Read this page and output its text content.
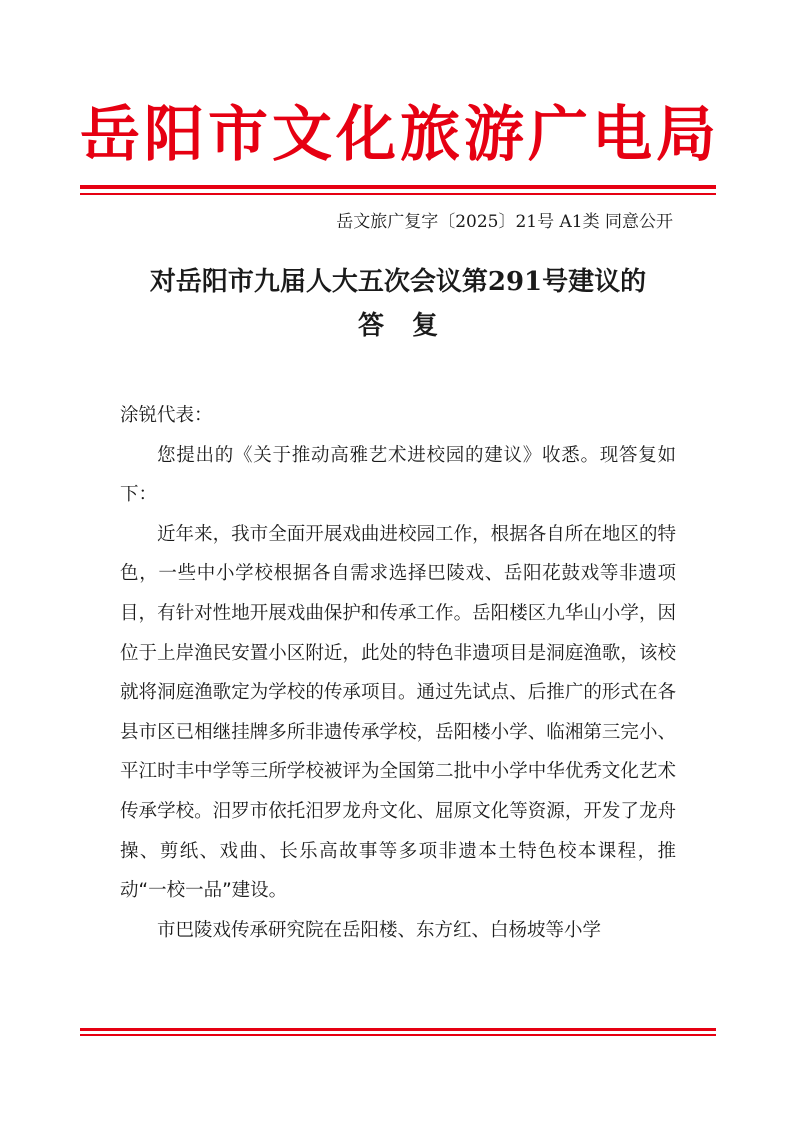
岳阳市文化旅游广电局
岳文旅广复字〔2025〕21号 A1类 同意公开
对岳阳市九届人大五次会议第291号建议的
答复

涂锐代表：

您提出的《关于推动高雅艺术进校园的建议》收悉。现答复如下：

近年来，我市全面开展戏曲进校园工作，根据各自所在地区的特色，一些中小学校根据各自需求选择巴陵戏、岳阳花鼓戏等非遗项目，有针对性地开展戏曲保护和传承工作。岳阳楼区九华山小学，因位于上岸渔民安置小区附近，此处的特色非遗项目是洞庭渔歌，该校就将洞庭渔歌定为学校的传承项目。通过先试点、后推广的形式在各县市区已相继挂牌多所非遗传承学校，岳阳楼小学、临湘第三完小、平江时丰中学等三所学校被评为全国第二批中小学中华优秀文化艺术传承学校。汨罗市依托汨罗龙舟文化、屈原文化等资源，开发了龙舟操、剪纸、戏曲、长乐高故事等多项非遗本土特色校本课程，推动“一校一品”建设。

市巴陵戏传承研究院在岳阳楼、东方红、白杨坡等小学
